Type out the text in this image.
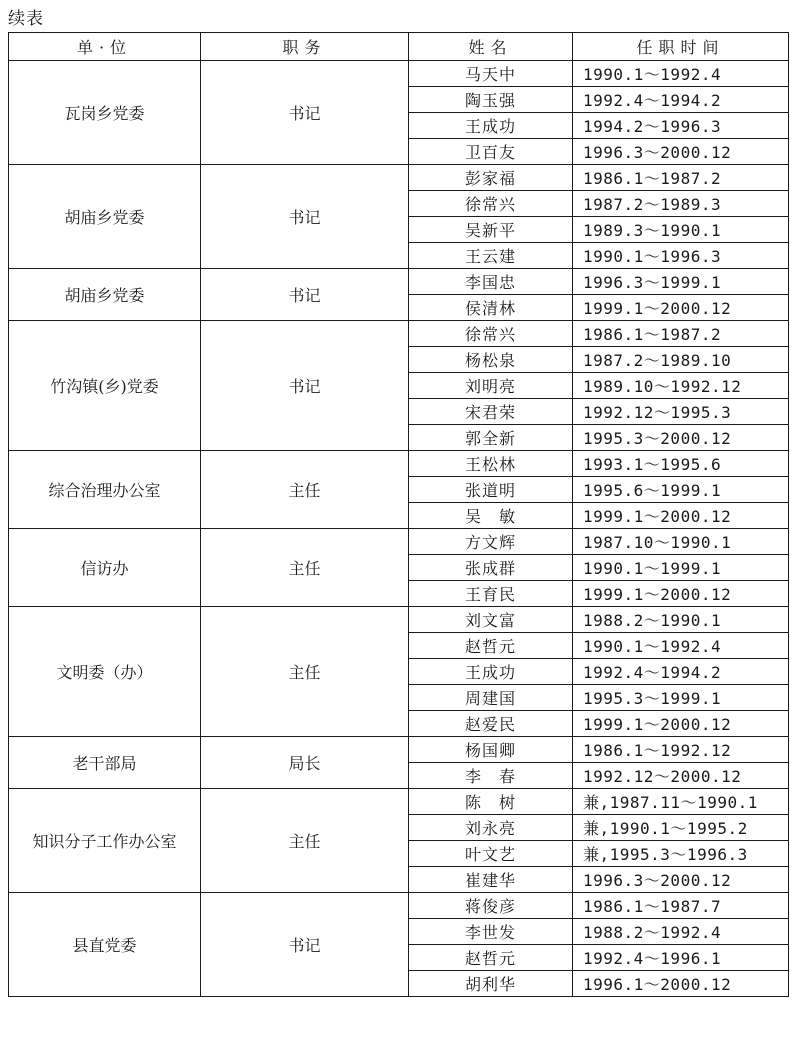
续表
单·位	职务	姓名	任职时间
瓦岗乡党委	书记	马天中	1990.1～1992.4
		陶玉强	1992.4～1994.2
		王成功	1994.2～1996.3
		卫百友	1996.3～2000.12
胡庙乡党委	书记	彭家福	1986.1～1987.2
		徐常兴	1987.2～1989.3
		吴新平	1989.3～1990.1
		王云建	1990.1～1996.3
胡庙乡党委	书记	李国忠	1996.3～1999.1
		侯清林	1999.1～2000.12
竹沟镇(乡)党委	书记	徐常兴	1986.1～1987.2
		杨松泉	1987.2～1989.10
		刘明亮	1989.10～1992.12
		宋君荣	1992.12～1995.3
		郭全新	1995.3～2000.12
综合治理办公室	主任	王松林	1993.1～1995.6
		张道明	1995.6～1999.1
		吴　敏	1999.1～2000.12
信访办	主任	方文辉	1987.10～1990.1
		张成群	1990.1～1999.1
		王育民	1999.1～2000.12
文明委（办）	主任	刘文富	1988.2～1990.1
		赵哲元	1990.1～1992.4
		王成功	1992.4～1994.2
		周建国	1995.3～1999.1
		赵爱民	1999.1～2000.12
老干部局	局长	杨国卿	1986.1～1992.12
		李　春	1992.12～2000.12
知识分子工作办公室	主任	陈　树	兼,1987.11～1990.1
		刘永亮	兼,1990.1～1995.2
		叶文艺	兼,1995.3～1996.3
		崔建华	1996.3～2000.12
县直党委	书记	蒋俊彦	1986.1～1987.7
		李世发	1988.2～1992.4
		赵哲元	1992.4～1996.1
		胡利华	1996.1～2000.12
